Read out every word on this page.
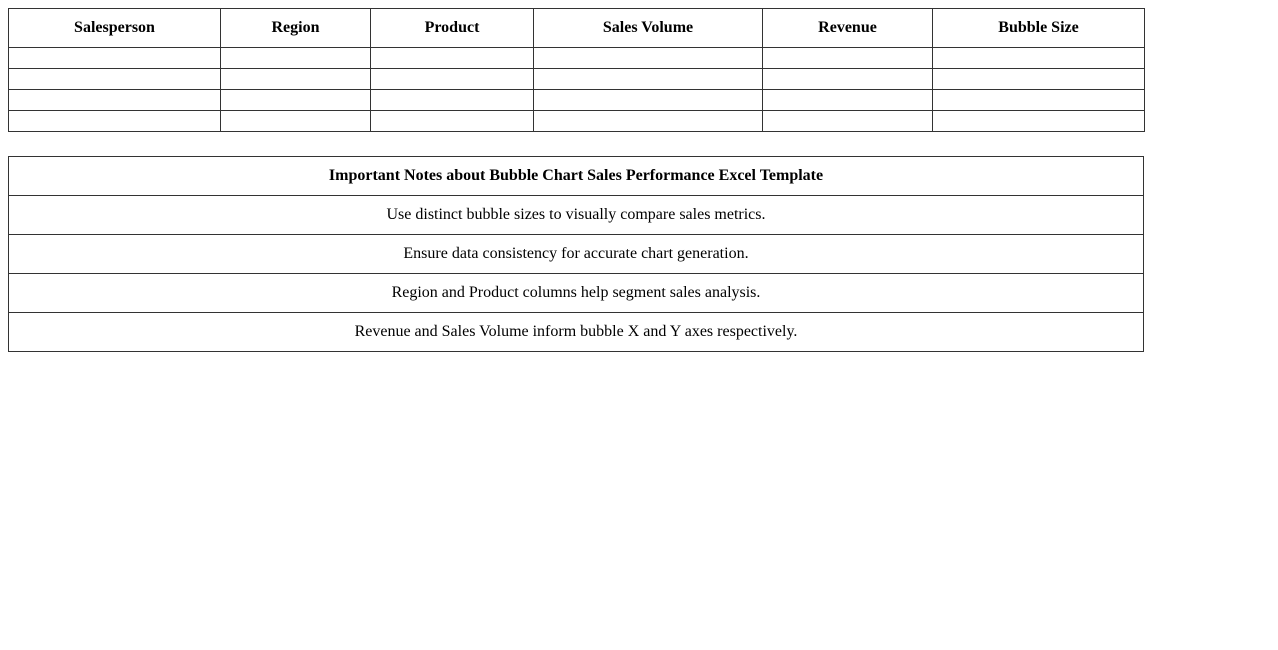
Salesperson	Region	Product	Sales Volume	Revenue	Bubble Size

Important Notes about Bubble Chart Sales Performance Excel Template
Use distinct bubble sizes to visually compare sales metrics.
Ensure data consistency for accurate chart generation.
Region and Product columns help segment sales analysis.
Revenue and Sales Volume inform bubble X and Y axes respectively.
